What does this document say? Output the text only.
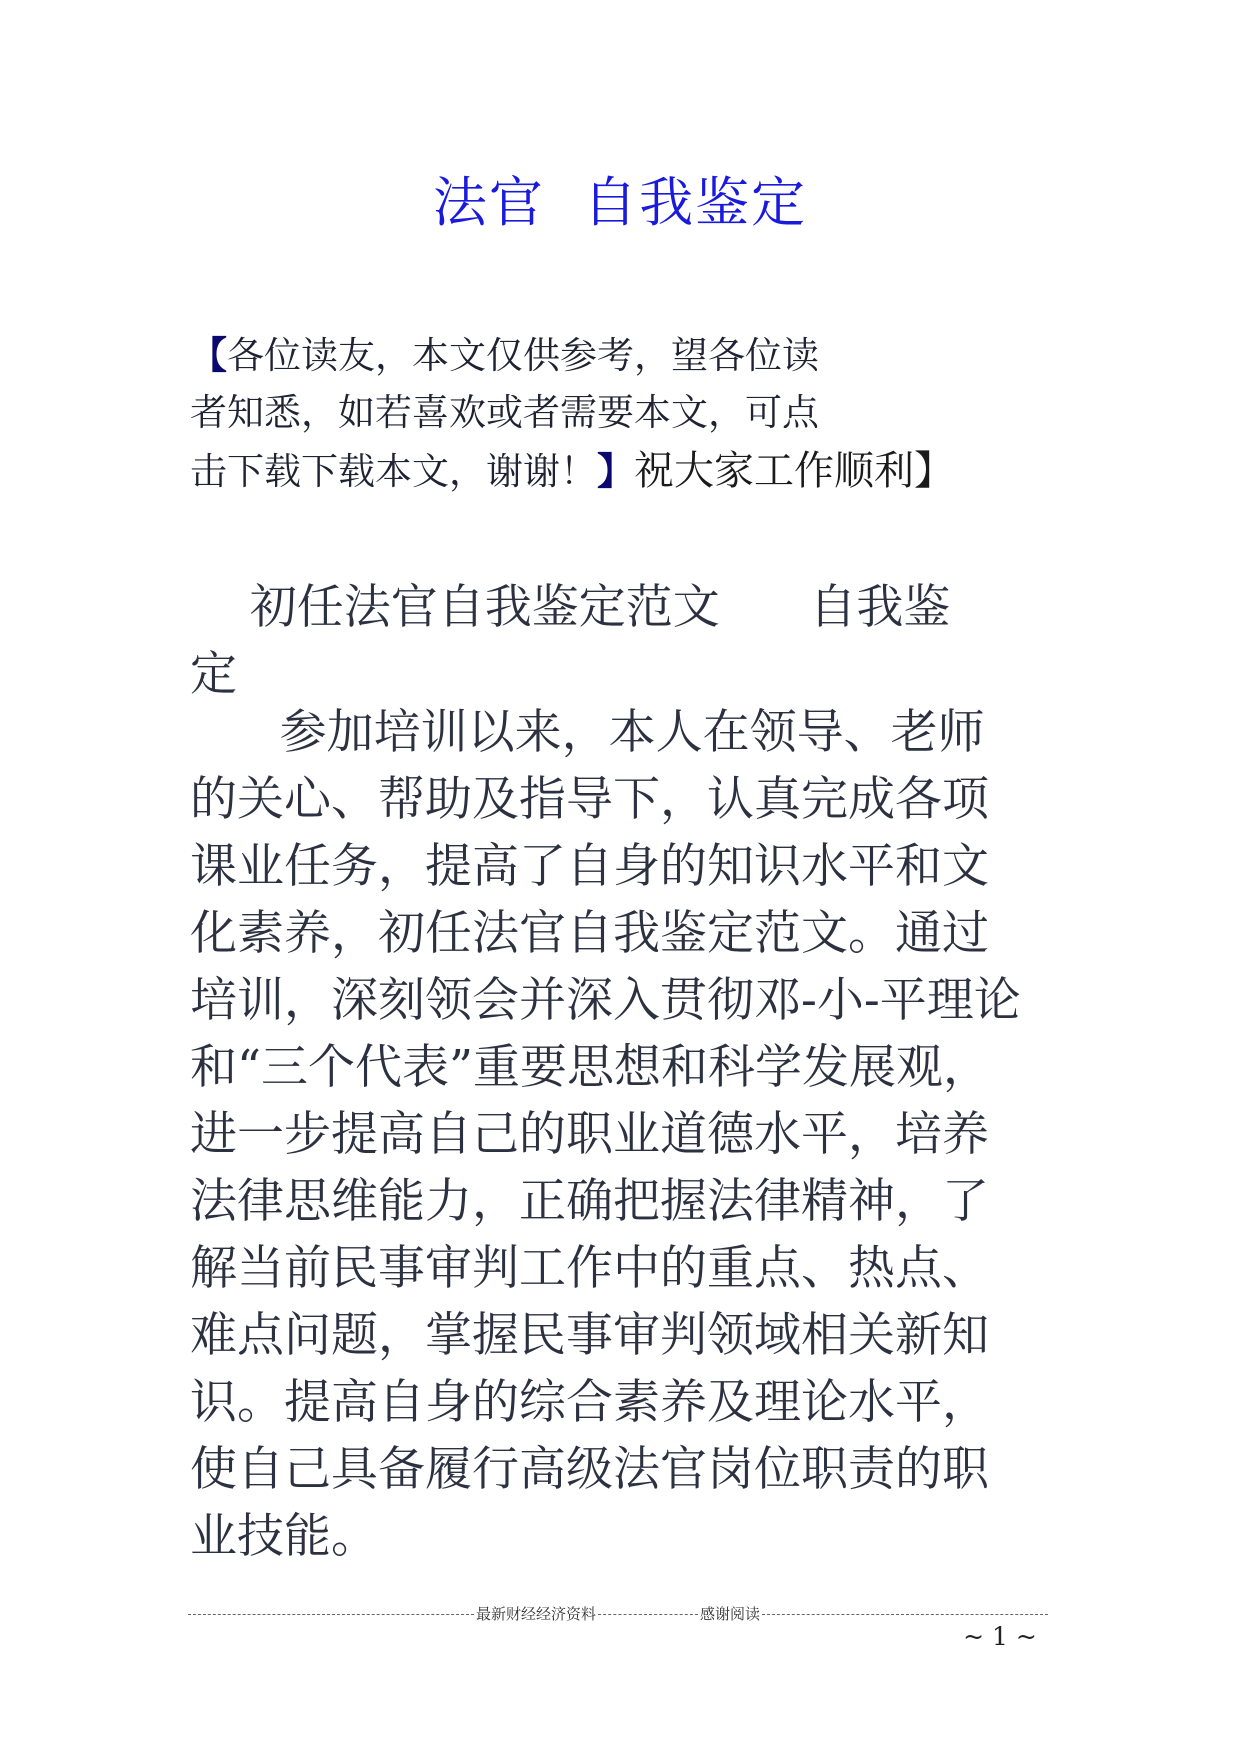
法官  自我鉴定
【各位读友，本文仅供参考，望各位读
者知悉，如若喜欢或者需要本文，可点
击下载下载本文，谢谢！】祝大家工作顺利】
初任法官自我鉴定范文      自我鉴
定
参加培训以来，本人在领导、老师
的关心、帮助及指导下，认真完成各项
课业任务，提高了自身的知识水平和文
化素养，初任法官自我鉴定范文。通过
培训，深刻领会并深入贯彻邓-小-平理论
和“三个代表”重要思想和科学发展观，
进一步提高自己的职业道德水平，培养
法律思维能力，正确把握法律精神，了
解当前民事审判工作中的重点、热点、
难点问题，掌握民事审判领域相关新知
识。提高自身的综合素养及理论水平，
使自己具备履行高级法官岗位职责的职
业技能。
最新财经经济资料	感谢阅读
~ 1 ~
